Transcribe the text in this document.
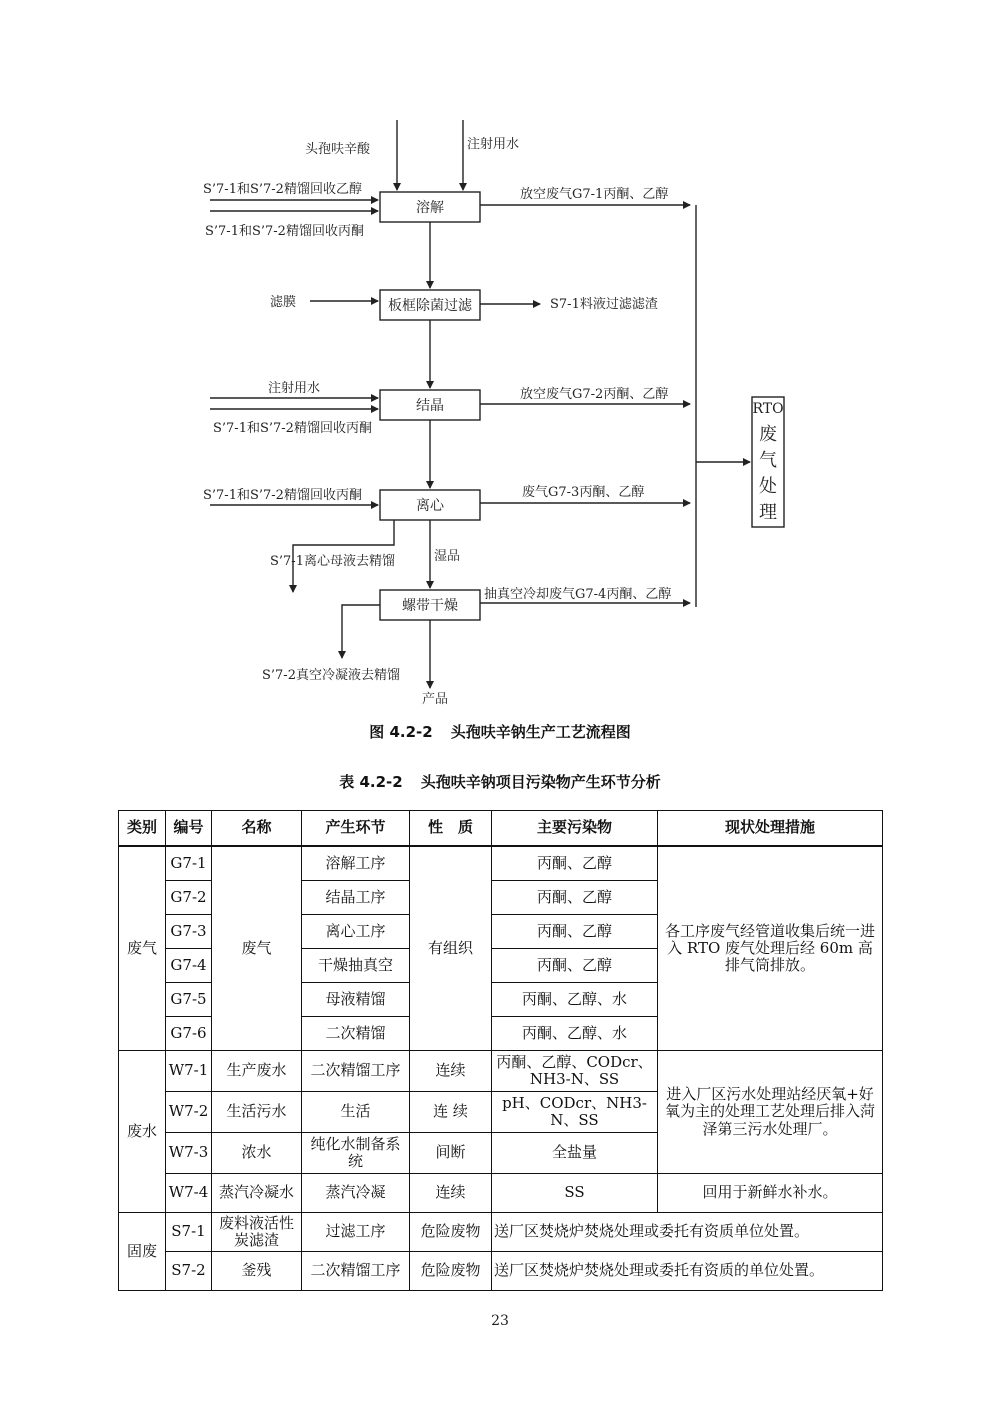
头孢呋辛酸	注射用水
S’7-1和S’7-2精馏回收乙醇
S’7-1和S’7-2精馏回收丙酮
滤膜
注射用水
S’7-1和S’7-2精馏回收丙酮
S’7-1和S’7-2精馏回收丙酮
溶解
板框除菌过滤
结晶
离心
螺带干燥
放空废气G7-1丙酮、乙醇
S7-1料液过滤滤渣
放空废气G7-2丙酮、乙醇
废气G7-3丙酮、乙醇
S’7-1离心母液去精馏	湿品
抽真空冷却废气G7-4丙酮、乙醇
S’7-2真空冷凝液去精馏
产品
RTO
废
气
处
理
图 4.2-2 头孢呋辛钠生产工艺流程图
表 4.2-2 头孢呋辛钠项目污染物产生环节分析
类别	编号	名称	产生环节	性　质	主要污染物	现状处理措施
废气	G7-1	废气	溶解工序	有组织	丙酮、乙醇	各工序废气经管道收集后统一进入 RTO 废气处理后经 60m 高排气筒排放。
	G7-2		结晶工序		丙酮、乙醇	
	G7-3		离心工序		丙酮、乙醇	
	G7-4		干燥抽真空		丙酮、乙醇	
	G7-5		母液精馏		丙酮、乙醇、水	
	G7-6		二次精馏		丙酮、乙醇、水	
废水	W7-1	生产废水	二次精馏工序	连续	丙酮、乙醇、CODcr、NH3-N、SS	进入厂区污水处理站经厌氧+好氧为主的处理工艺处理后排入菏泽第三污水处理厂。
	W7-2	生活污水	生活	连 续	pH、CODcr、NH3-N、SS	
	W7-3	浓水	纯化水制备系统	间断	全盐量	
	W7-4	蒸汽冷凝水	蒸汽冷凝	连续	SS	回用于新鲜水补水。
固废	S7-1	废料液活性炭滤渣	过滤工序	危险废物	送厂区焚烧炉焚烧处理或委托有资质单位处置。	
	S7-2	釜残	二次精馏工序	危险废物	送厂区焚烧炉焚烧处理或委托有资质的单位处置。	
23
